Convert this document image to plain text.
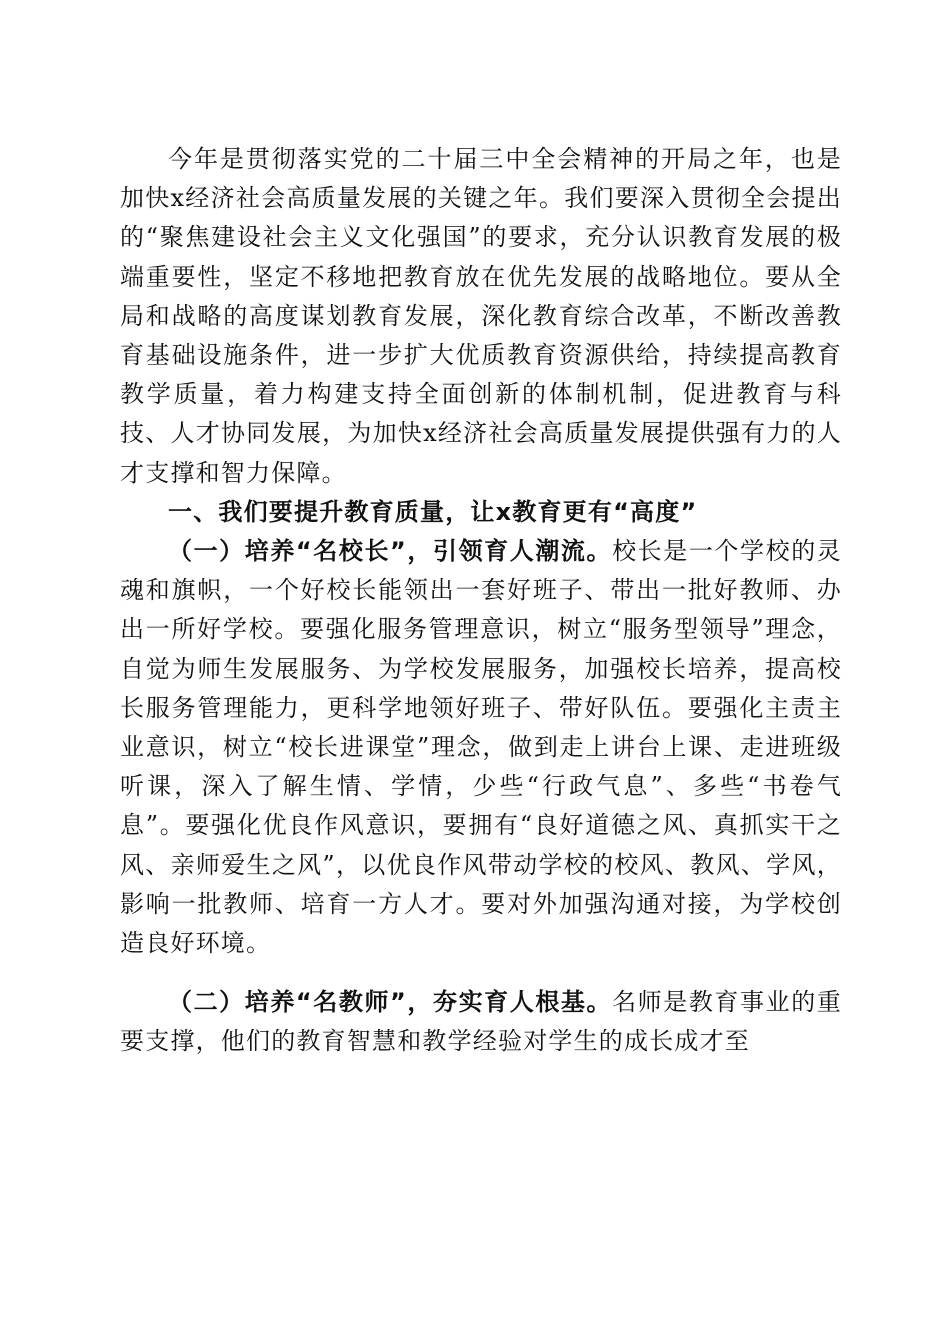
今年是贯彻落实党的二十届三中全会精神的开局之年，也是加快x经济社会高质量发展的关键之年。我们要深入贯彻全会提出的“聚焦建设社会主义文化强国”的要求，充分认识教育发展的极端重要性，坚定不移地把教育放在优先发展的战略地位。要从全局和战略的高度谋划教育发展，深化教育综合改革，不断改善教育基础设施条件，进一步扩大优质教育资源供给，持续提高教育教学质量，着力构建支持全面创新的体制机制，促进教育与科技、人才协同发展，为加快x经济社会高质量发展提供强有力的人才支撑和智力保障。

一、我们要提升教育质量，让x教育更有“高度”

（一）培养“名校长”，引领育人潮流。校长是一个学校的灵魂和旗帜，一个好校长能领出一套好班子、带出一批好教师、办出一所好学校。要强化服务管理意识，树立“服务型领导”理念，自觉为师生发展服务、为学校发展服务，加强校长培养，提高校长服务管理能力，更科学地领好班子、带好队伍。要强化主责主业意识，树立“校长进课堂”理念，做到走上讲台上课、走进班级听课，深入了解生情、学情，少些“行政气息”、多些“书卷气息”。要强化优良作风意识，要拥有“良好道德之风、真抓实干之风、亲师爱生之风”，以优良作风带动学校的校风、教风、学风，影响一批教师、培育一方人才。要对外加强沟通对接，为学校创造良好环境。

（二）培养“名教师”，夯实育人根基。名师是教育事业的重要支撑，他们的教育智慧和教学经验对学生的成长成才至
